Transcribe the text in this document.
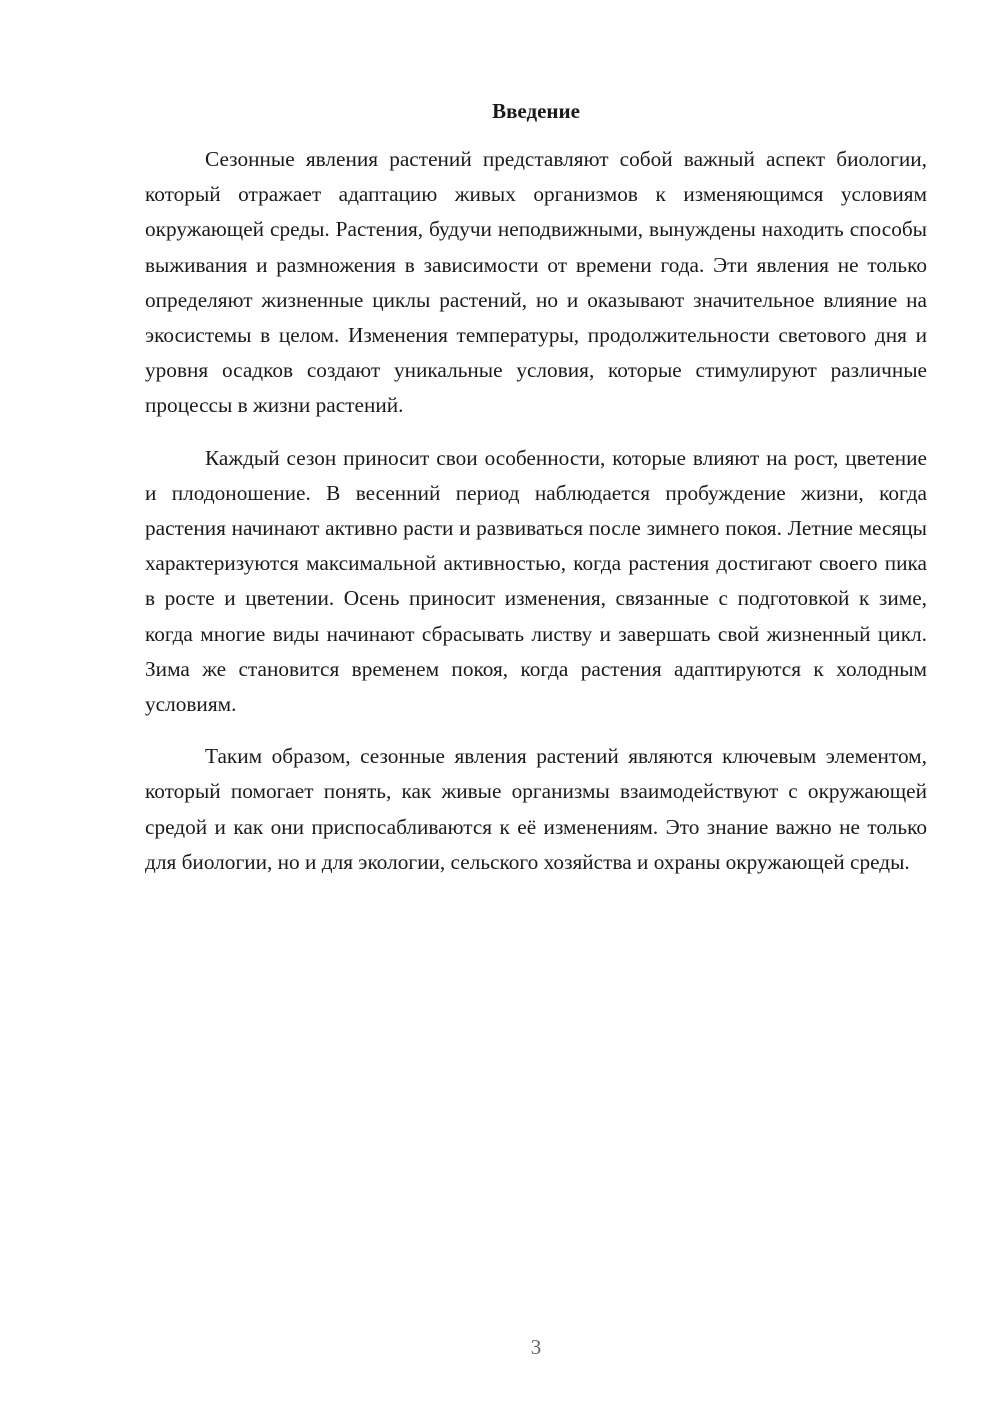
Введение

Сезонные явления растений представляют собой важный аспект биологии, который отражает адаптацию живых организмов к изменяющимся условиям окружающей среды. Растения, будучи неподвижными, вынуждены находить способы выживания и размножения в зависимости от времени года. Эти явления не только определяют жизненные циклы растений, но и оказывают значительное влияние на экосистемы в целом. Изменения температуры, продолжительности светового дня и уровня осадков создают уникальные условия, которые стимулируют различные процессы в жизни растений.

Каждый сезон приносит свои особенности, которые влияют на рост, цветение и плодоношение. В весенний период наблюдается пробуждение жизни, когда растения начинают активно расти и развиваться после зимнего покоя. Летние месяцы характеризуются максимальной активностью, когда растения достигают своего пика в росте и цветении. Осень приносит изменения, связанные с подготовкой к зиме, когда многие виды начинают сбрасывать листву и завершать свой жизненный цикл. Зима же становится временем покоя, когда растения адаптируются к холодным условиям.

Таким образом, сезонные явления растений являются ключевым элементом, который помогает понять, как живые организмы взаимодействуют с окружающей средой и как они приспосабливаются к её изменениям. Это знание важно не только для биологии, но и для экологии, сельского хозяйства и охраны окружающей среды.

3
